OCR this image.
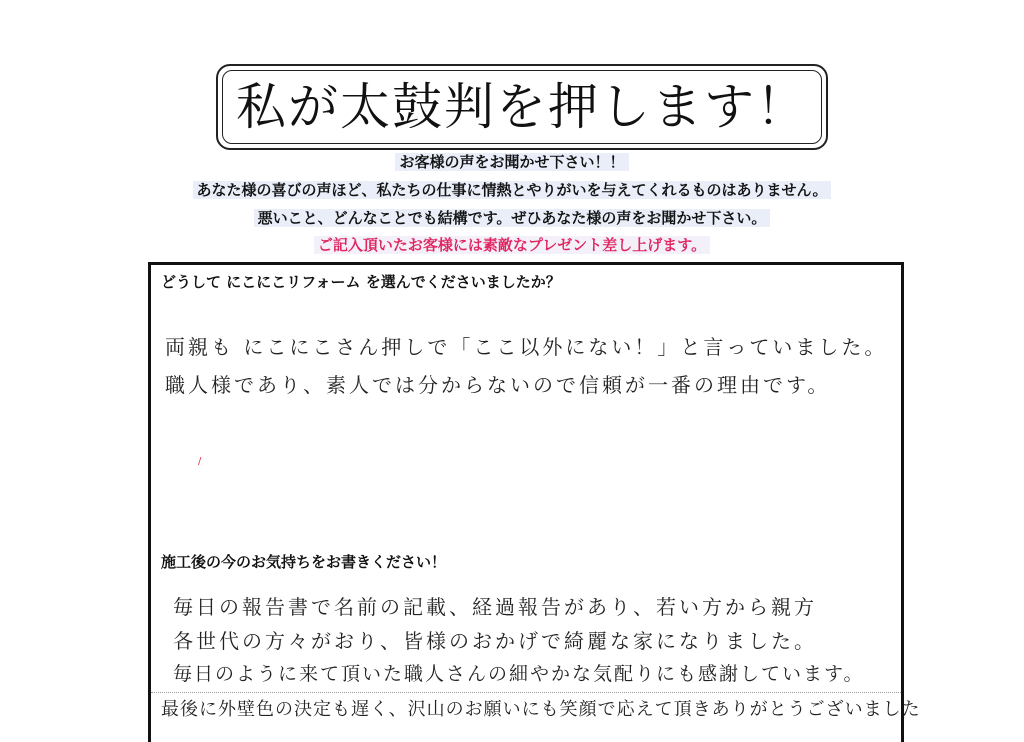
私が太鼓判を押します！
お客様の声をお聞かせ下さい！！
あなた様の喜びの声ほど、私たちの仕事に情熱とやりがいを与えてくれるものはありません。
悪いこと、どんなことでも結構です。ぜひあなた様の声をお聞かせ下さい。
ご記入頂いたお客様には素敵なプレゼント差し上げます。
/
どうして にこにこリフォーム を選んでくださいましたか？
両親も にこにこさん押しで「ここ以外にない！」と言っていました。
職人様であり、素人では分からないので信頼が一番の理由です。
施工後の今のお気持ちをお書きください！
毎日の報告書で名前の記載、経過報告があり、若い方から親方
各世代の方々がおり、皆様のおかげで綺麗な家になりました。
毎日のように来て頂いた職人さんの細やかな気配りにも感謝しています。
最後に外壁色の決定も遅く、沢山のお願いにも笑顔で応えて頂きありがとうございました
